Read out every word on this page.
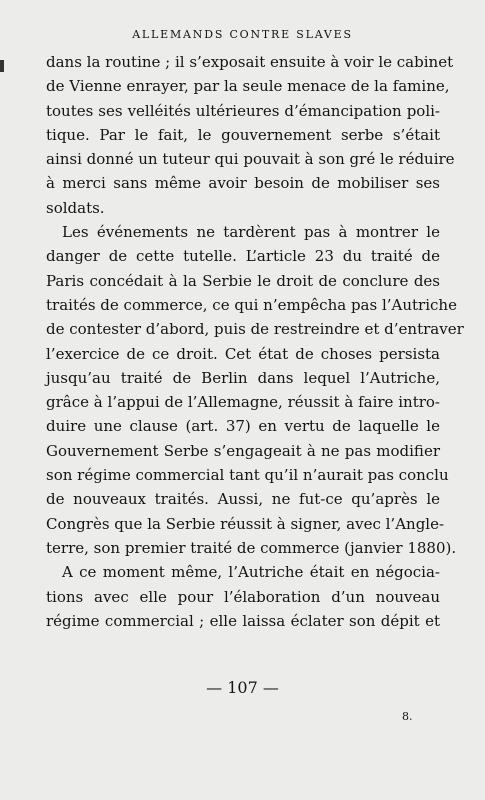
ALLEMANDS CONTRE SLAVES
dans la routine ; il s’exposait ensuite à voir le cabinet
de Vienne enrayer, par la seule menace de la famine,
toutes ses velléités ultérieures d’émancipation poli-
tique. Par le fait, le gouvernement serbe s’était
ainsi donné un tuteur qui pouvait à son gré le réduire
à merci sans même avoir besoin de mobiliser ses
soldats.
Les événements ne tardèrent pas à montrer le
danger de cette tutelle. L’article 23 du traité de
Paris concédait à la Serbie le droit de conclure des
traités de commerce, ce qui n’empêcha pas l’Autriche
de contester d’abord, puis de restreindre et d’entraver
l’exercice de ce droit. Cet état de choses persista
jusqu’au traité de Berlin dans lequel l’Autriche,
grâce à l’appui de l’Allemagne, réussit à faire intro-
duire une clause (art. 37) en vertu de laquelle le
Gouvernement Serbe s’engageait à ne pas modifier
son régime commercial tant qu’il n’aurait pas conclu
de nouveaux traités. Aussi, ne fut-ce qu’après le
Congrès que la Serbie réussit à signer, avec l’Angle-
terre, son premier traité de commerce (janvier 1880).
A ce moment même, l’Autriche était en négocia-
tions avec elle pour l’élaboration d’un nouveau
régime commercial ; elle laissa éclater son dépit et
— 107 —
8.
